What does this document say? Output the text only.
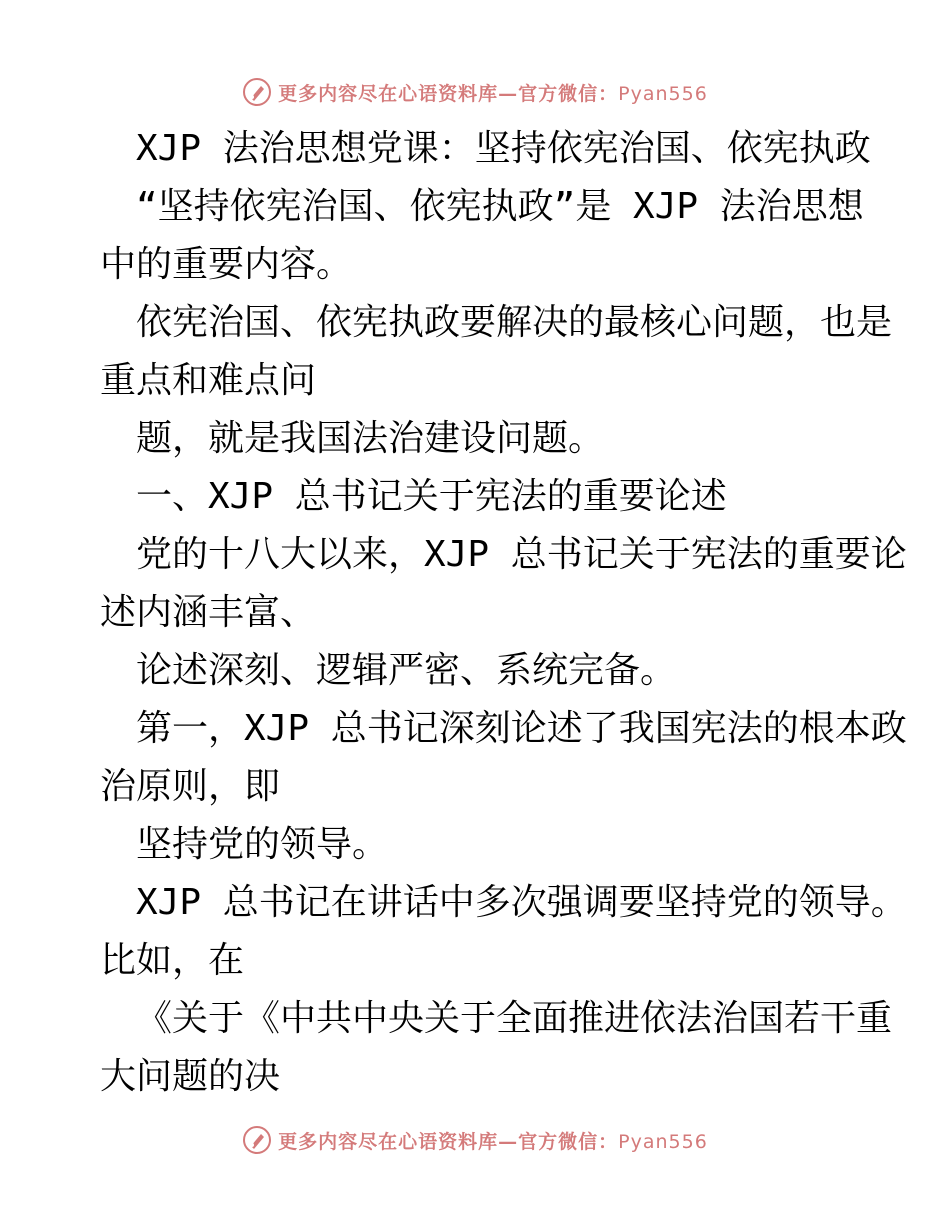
更多内容尽在心语资料库—官方微信：Pyan556

XJP 法治思想党课：坚持依宪治国、依宪执政

“坚持依宪治国、依宪执政”是 XJP 法治思想

中的重要内容。

依宪治国、依宪执政要解决的最核心问题，也是

重点和难点问

题，就是我国法治建设问题。

一、XJP 总书记关于宪法的重要论述

党的十八大以来，XJP 总书记关于宪法的重要论

述内涵丰富、

论述深刻、逻辑严密、系统完备。

第一，XJP 总书记深刻论述了我国宪法的根本政

治原则，即

坚持党的领导。

XJP 总书记在讲话中多次强调要坚持党的领导。

比如，在

《关于《中共中央关于全面推进依法治国若干重

大问题的决

更多内容尽在心语资料库—官方微信：Pyan556
